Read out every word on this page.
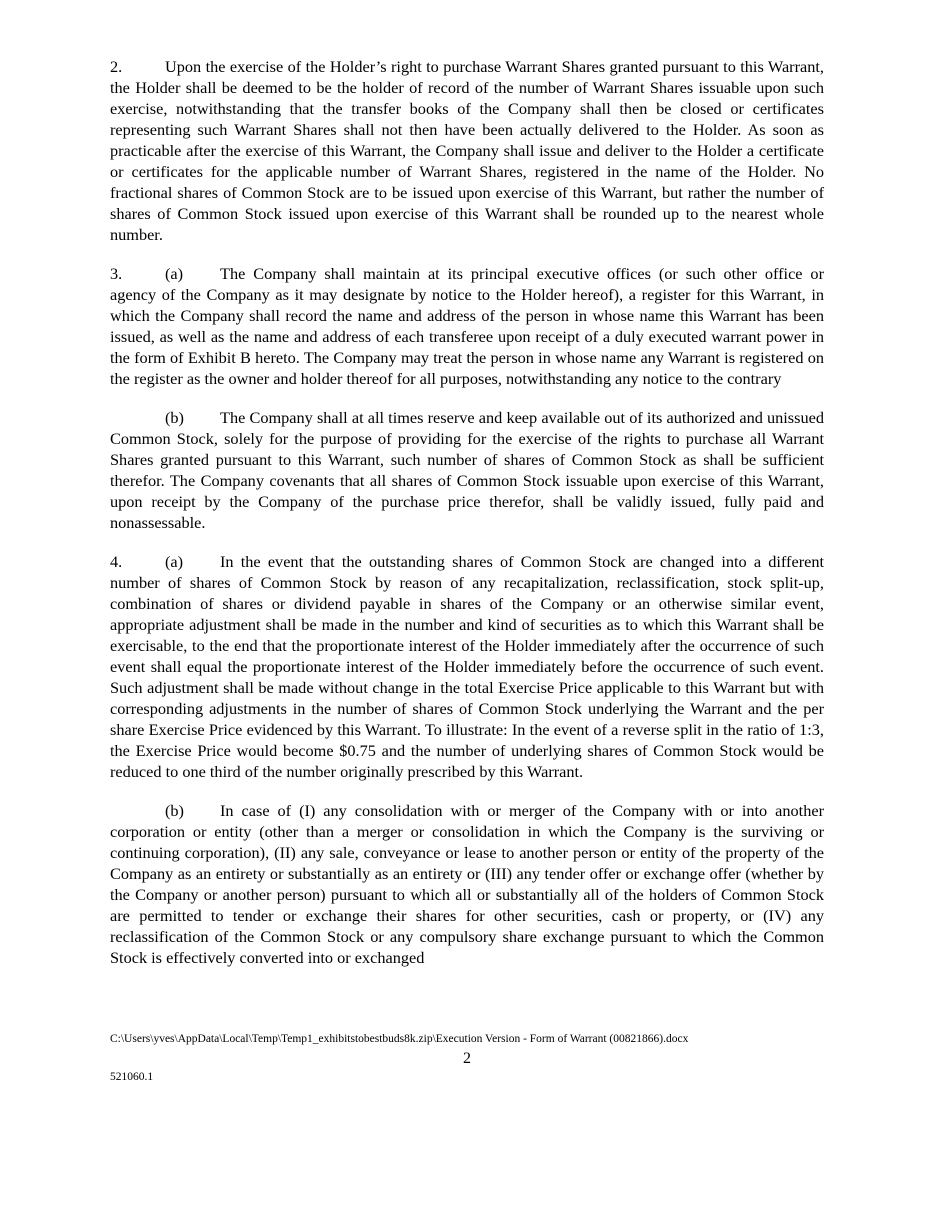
2.	Upon the exercise of the Holder’s right to purchase Warrant Shares granted pursuant to this Warrant, the Holder shall be deemed to be the holder of record of the number of Warrant Shares issuable upon such exercise, notwithstanding that the transfer books of the Company shall then be closed or certificates representing such Warrant Shares shall not then have been actually delivered to the Holder. As soon as practicable after the exercise of this Warrant, the Company shall issue and deliver to the Holder a certificate or certificates for the applicable number of Warrant Shares, registered in the name of the Holder. No fractional shares of Common Stock are to be issued upon exercise of this Warrant, but rather the number of shares of Common Stock issued upon exercise of this Warrant shall be rounded up to the nearest whole number.

3.	(a) The Company shall maintain at its principal executive offices (or such other office or agency of the Company as it may designate by notice to the Holder hereof), a register for this Warrant, in which the Company shall record the name and address of the person in whose name this Warrant has been issued, as well as the name and address of each transferee upon receipt of a duly executed warrant power in the form of Exhibit B hereto. The Company may treat the person in whose name any Warrant is registered on the register as the owner and holder thereof for all purposes, notwithstanding any notice to the contrary

(b) The Company shall at all times reserve and keep available out of its authorized and unissued Common Stock, solely for the purpose of providing for the exercise of the rights to purchase all Warrant Shares granted pursuant to this Warrant, such number of shares of Common Stock as shall be sufficient therefor. The Company covenants that all shares of Common Stock issuable upon exercise of this Warrant, upon receipt by the Company of the purchase price therefor, shall be validly issued, fully paid and nonassessable.

4.	(a) In the event that the outstanding shares of Common Stock are changed into a different number of shares of Common Stock by reason of any recapitalization, reclassification, stock split-up, combination of shares or dividend payable in shares of the Company or an otherwise similar event, appropriate adjustment shall be made in the number and kind of securities as to which this Warrant shall be exercisable, to the end that the proportionate interest of the Holder immediately after the occurrence of such event shall equal the proportionate interest of the Holder immediately before the occurrence of such event. Such adjustment shall be made without change in the total Exercise Price applicable to this Warrant but with corresponding adjustments in the number of shares of Common Stock underlying the Warrant and the per share Exercise Price evidenced by this Warrant. To illustrate: In the event of a reverse split in the ratio of 1:3, the Exercise Price would become $0.75 and the number of underlying shares of Common Stock would be reduced to one third of the number originally prescribed by this Warrant.

(b) In case of (I) any consolidation with or merger of the Company with or into another corporation or entity (other than a merger or consolidation in which the Company is the surviving or continuing corporation), (II) any sale, conveyance or lease to another person or entity of the property of the Company as an entirety or substantially as an entirety or (III) any tender offer or exchange offer (whether by the Company or another person) pursuant to which all or substantially all of the holders of Common Stock are permitted to tender or exchange their shares for other securities, cash or property, or (IV) any reclassification of the Common Stock or any compulsory share exchange pursuant to which the Common Stock is effectively converted into or exchanged

C:\Users\yves\AppData\Local\Temp\Temp1_exhibitstobestbuds8k.zip\Execution Version - Form of Warrant (00821866).docx
2
521060.1
